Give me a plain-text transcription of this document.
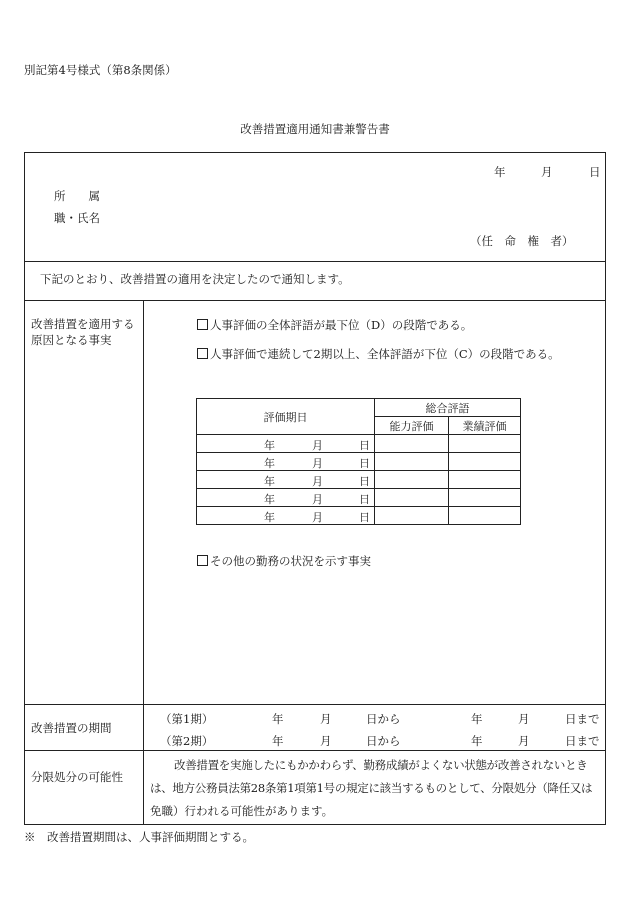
別記第4号様式（第8条関係）
改善措置適用通知書兼警告書
年	月	日
所　　属
職・氏名
（任　命　権　者）
下記のとおり、改善措置の適用を決定したので通知します。
改善措置を適用する
原因となる事実
人事評価の全体評語が最下位（D）の段階である。
人事評価で連続して2期以上、全体評語が下位（C）の段階である。
評価期日	総合評語	
	能力評価	業績評価

年 月 日		

年 月 日		

年 月 日		

年 月 日		

年 月 日		

その他の勤務の状況を示す事実
改善措置の期間
（第1期）	年	月	日から	年	月	日まで
（第2期）	年	月	日から	年	月	日まで
分限処分の可能性
改善措置を実施したにもかかわらず、勤務成績がよくない状態が改善されないとき
は、地方公務員法第28条第1項第1号の規定に該当するものとして、分限処分（降任又は
免職）行われる可能性があります。
※　改善措置期間は、人事評価期間とする。
